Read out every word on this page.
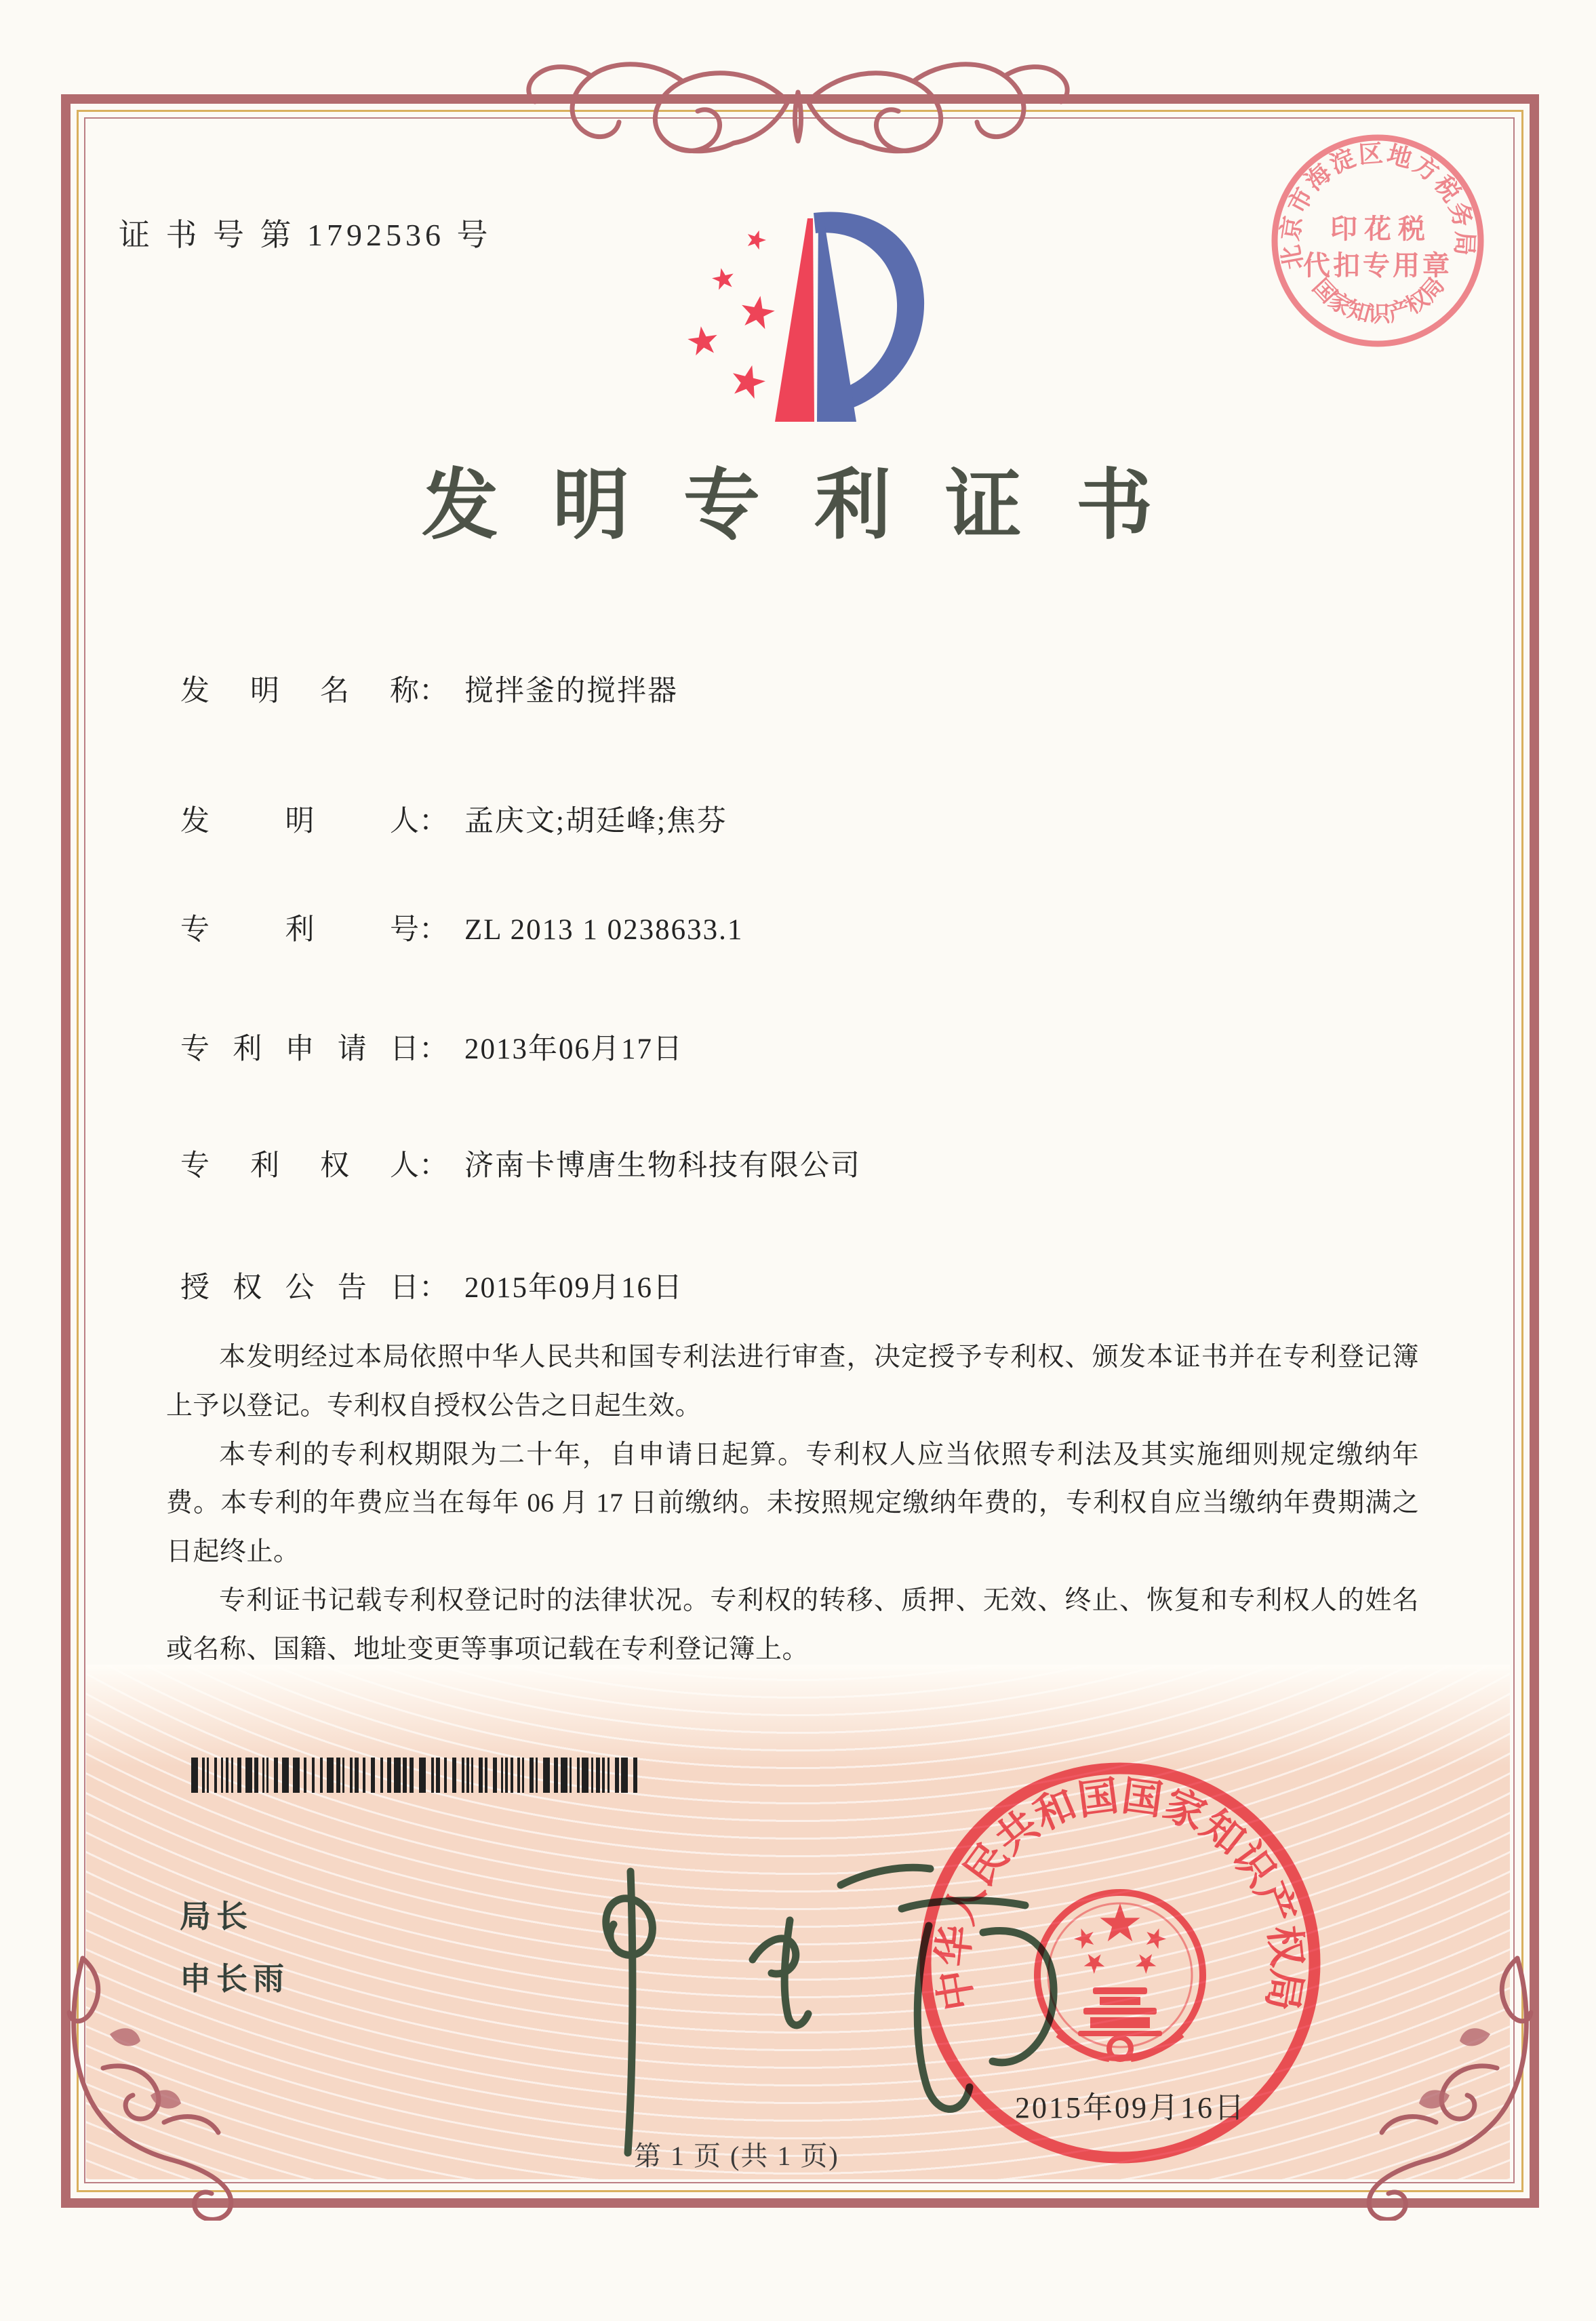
证 书 号 第 1792536 号
北京市海淀区地方税务局
印 花 税
代扣专用章
国家知识产权局
发明专利证书
发明名称： 搅拌釜的搅拌器
发明人： 孟庆文;胡廷峰;焦芬
专利号： ZL 2013 1 0238633.1
专利申请日： 2013年06月17日
专利权人： 济南卡博唐生物科技有限公司
授权公告日： 2015年09月16日

本发明经过本局依照中华人民共和国专利法进行审查，决定授予专利权、颁发本证书并在专利登记簿上予以登记。专利权自授权公告之日起生效。

本专利的专利权期限为二十年，自申请日起算。专利权人应当依照专利法及其实施细则规定缴纳年费。本专利的年费应当在每年 06 月 17 日前缴纳。未按照规定缴纳年费的，专利权自应当缴纳年费期满之日起终止。

专利证书记载专利权登记时的法律状况。专利权的转移、质押、无效、终止、恢复和专利权人的姓名或名称、国籍、地址变更等事项记载在专利登记簿上。

局长
申长雨	中华人民共和国国家知识产权局
2015年09月16日
第 1 页 (共 1 页)
